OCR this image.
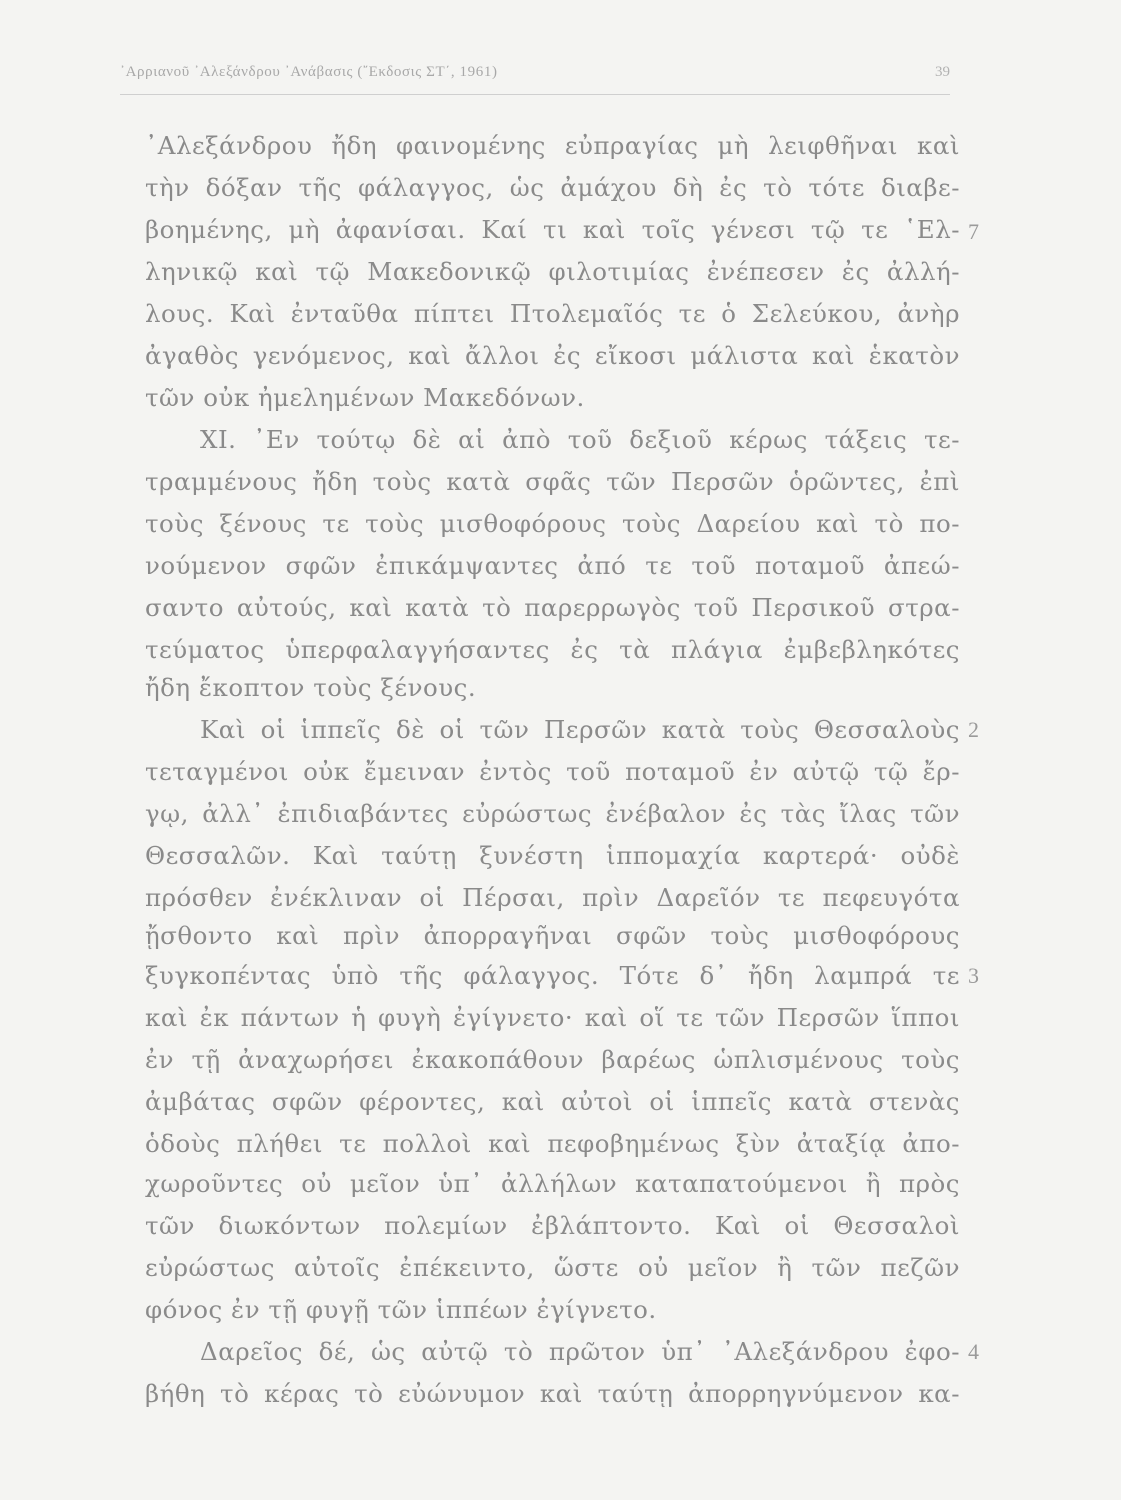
᾿Αρριανοῦ ᾿Αλεξάνδρου ᾿Ανάβασις (῎Εκδοσις ΣΤ΄, 1961)	39
᾿Αλεξάνδρου ἤδη φαινομένης εὐπραγίας μὴ λειφθῆναι καὶ
τὴν δόξαν τῆς φάλαγγος, ὡς ἀμάχου δὴ ἐς τὸ τότε διαβε-
βοημένης, μὴ ἀφανίσαι. Καί τι καὶ τοῖς γένεσι τῷ τε ῾Ελ-
ληνικῷ καὶ τῷ Μακεδονικῷ φιλοτιμίας ἐνέπεσεν ἐς ἀλλή-
λους. Καὶ ἐνταῦθα πίπτει Πτολεμαῖός τε ὁ Σελεύκου, ἀνὴρ
ἀγαθὸς γενόμενος, καὶ ἄλλοι ἐς εἴκοσι μάλιστα καὶ ἑκατὸν
τῶν οὐκ ἠμελημένων Μακεδόνων.
XI. ᾿Εν τούτῳ δὲ αἱ ἀπὸ τοῦ δεξιοῦ κέρως τάξεις τε-
τραμμένους ἤδη τοὺς κατὰ σφᾶς τῶν Περσῶν ὁρῶντες, ἐπὶ
τοὺς ξένους τε τοὺς μισθοφόρους τοὺς Δαρείου καὶ τὸ πο-
νούμενον σφῶν ἐπικάμψαντες ἀπό τε τοῦ ποταμοῦ ἀπεώ-
σαντο αὐτούς, καὶ κατὰ τὸ παρερρωγὸς τοῦ Περσικοῦ στρα-
τεύματος ὑπερφαλαγγήσαντες ἐς τὰ πλάγια ἐμβεβληκότες
ἤδη ἔκοπτον τοὺς ξένους.
Καὶ οἱ ἱππεῖς δὲ οἱ τῶν Περσῶν κατὰ τοὺς Θεσσαλοὺς
τεταγμένοι οὐκ ἔμειναν ἐντὸς τοῦ ποταμοῦ ἐν αὐτῷ τῷ ἔρ-
γῳ, ἀλλ᾿ ἐπιδιαβάντες εὐρώστως ἐνέβαλον ἐς τὰς ἴλας τῶν
Θεσσαλῶν. Καὶ ταύτῃ ξυνέστη ἱππομαχία καρτερά· οὐδὲ
πρόσθεν ἐνέκλιναν οἱ Πέρσαι, πρὶν Δαρεῖόν τε πεφευγότα
ᾔσθοντο καὶ πρὶν ἀπορραγῆναι σφῶν τοὺς μισθοφόρους
ξυγκοπέντας ὑπὸ τῆς φάλαγγος. Τότε δ᾿ ἤδη λαμπρά τε
καὶ ἐκ πάντων ἡ φυγὴ ἐγίγνετο· καὶ οἵ τε τῶν Περσῶν ἵπποι
ἐν τῇ ἀναχωρήσει ἐκακοπάθουν βαρέως ὡπλισμένους τοὺς
ἀμβάτας σφῶν φέροντες, καὶ αὐτοὶ οἱ ἱππεῖς κατὰ στενὰς
ὁδοὺς πλήθει τε πολλοὶ καὶ πεφοβημένως ξὺν ἀταξίᾳ ἀπο-
χωροῦντες οὐ μεῖον ὑπ᾿ ἀλλήλων καταπατούμενοι ἢ πρὸς
τῶν διωκόντων πολεμίων ἐβλάπτοντο. Καὶ οἱ Θεσσαλοὶ
εὐρώστως αὐτοῖς ἐπέκειντο, ὥστε οὐ μεῖον ἢ τῶν πεζῶν
φόνος ἐν τῇ φυγῇ τῶν ἱππέων ἐγίγνετο.
Δαρεῖος δέ, ὡς αὐτῷ τὸ πρῶτον ὑπ᾿ ᾿Αλεξάνδρου ἐφο-
βήθη τὸ κέρας τὸ εὐώνυμον καὶ ταύτῃ ἀπορρηγνύμενον κα-
7
2
3
4
